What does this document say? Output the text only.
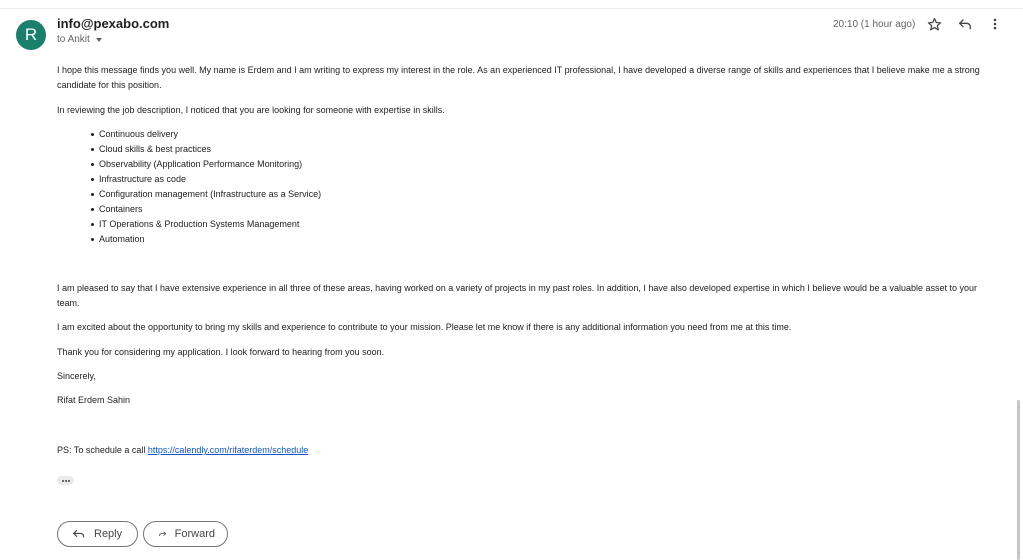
R
info@pexabo.com
to Ankit
20:10 (1 hour ago)

I hope this message finds you well. My name is Erdem and I am writing to express my interest in the role. As an experienced IT professional, I have developed a diverse range of skills and experiences that I believe make me a strong candidate for this position.

In reviewing the job description, I noticed that you are looking for someone with expertise in skills.

Continuous delivery
Cloud skills & best practices
Observability (Application Performance Monitoring)
Infrastructure as code
Configuration management (Infrastructure as a Service)
Containers
IT Operations & Production Systems Management
Automation

I am pleased to say that I have extensive experience in all three of these areas, having worked on a variety of projects in my past roles. In addition, I have also developed expertise in which I believe would be a valuable asset to your team.

I am excited about the opportunity to bring my skills and experience to contribute to your mission. Please let me know if there is any additional information you need from me at this time.

Thank you for considering my application. I look forward to hearing from you soon.

Sincerely,

Rifat Erdem Sahin

PS: To schedule a call https://calendly.com/rifaterdem/schedule

Reply	Forward
